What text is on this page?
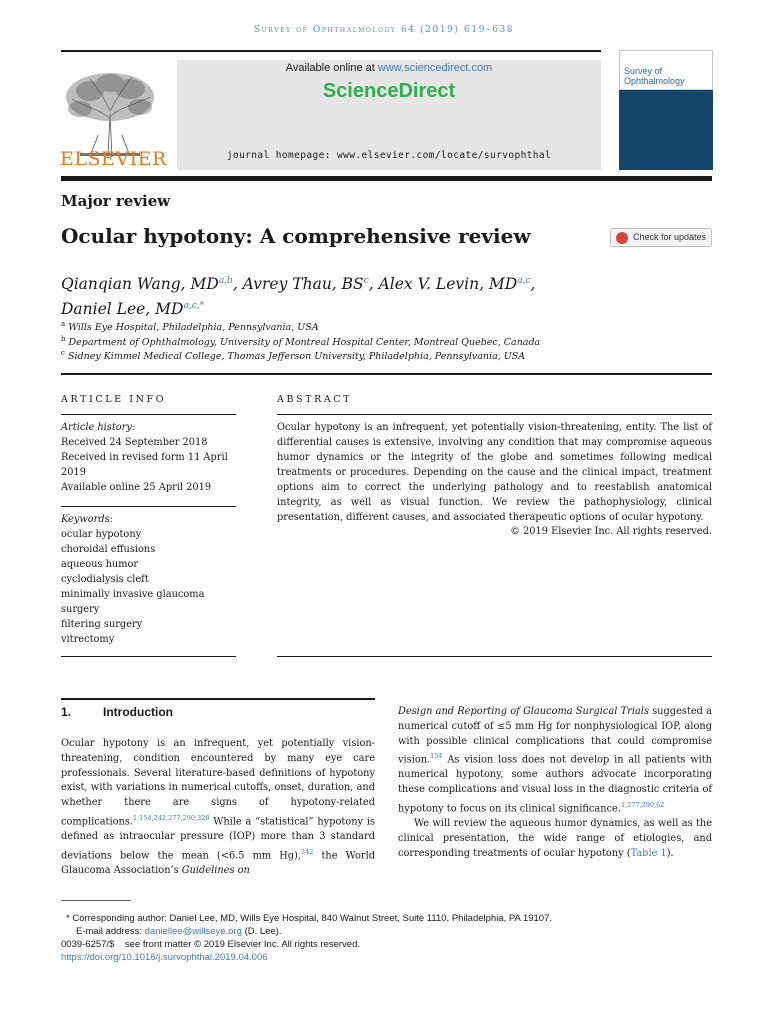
Survey of Ophthalmology 64 (2019) 619–638
ELSEVIER
Available online at www.sciencedirect.com
ScienceDirect
journal homepage: www.elsevier.com/locate/survophthal
Survey of
Ophthalmology
Major review
Ocular hypotony: A comprehensive review	Check for updates
Qianqian Wang, MD$^{a,b}$, Avrey Thau, $BS^c$, Alex V. Levin, MD$^{a,c}$,
Daniel Lee, $MD^{a,c,*}$
$^a$ Wills Eye Hospital, Philadelphia, Pennsylvania, USA
$^b$ Department of Ophthalmology, University of Montreal Hospital Center, Montreal Quebec, Canada
$^c$ Sidney Kimmel Medical College, Thomas Jefferson University, Philadelphia, Pennsylvania, USA
ARTICLE INFO
Article history:
Received 24 September 2018
Received in revised form 11 April
2019
Available online 25 April 2019
Keywords:
ocular hypotony
choroidal effusions
aqueous humor
cyclodialysis cleft
minimally invasive glaucoma
surgery
filtering surgery
vitrectomy
ABSTRACT
Ocular hypotony is an infrequent, yet potentially vision-threatening, entity. The list of differential causes is extensive, involving any condition that may compromise aqueous humor dynamics or the integrity of the globe and sometimes following medical treatments or procedures. Depending on the cause and the clinical impact, treatment options aim to correct the underlying pathology and to reestablish anatomical integrity, as well as visual function. We review the pathophysiology, clinical presentation, different causes, and associated therapeutic options of ocular hypotony.
© 2019 Elsevier Inc. All rights reserved.
1.	Introduction
Ocular hypotony is an infrequent, yet potentially vision-threatening, condition encountered by many eye care professionals. Several literature-based definitions of hypotony exist, with variations in numerical cutoffs, onset, duration, and whether there are signs of hypotony-related complications.$^{1,154,242,277,290,328}$ While a “statistical” hypotony is defined as intraocular pressure (IOP) more than 3 standard deviations below the mean (<6.5 mm Hg),$^{242}$ the World Glaucoma Association’s Guidelines on
Design and Reporting of Glaucoma Surgical Trials suggested a numerical cutoff of ≤5 mm Hg for nonphysiological IOP, along with possible clinical complications that could compromise vision.$^{154}$ As vision loss does not develop in all patients with numerical hypotony, some authors advocate incorporating these complications and visual loss in the diagnostic criteria of hypotony to focus on its clinical significance.$^{1,277,290,62}$
We will review the aqueous humor dynamics, as well as the clinical presentation, the wide range of etiologies, and corresponding treatments of ocular hypotony (Table 1).
* Corresponding author: Daniel Lee, MD, Wills Eye Hospital, 840 Walnut Street, Suite 1110, Philadelphia, PA 19107.
E-mail address: daniellee@willseye.org (D. Lee).
0039-6257/$    see front matter © 2019 Elsevier Inc. All rights reserved.
https://doi.org/10.1016/j.survophthal.2019.04.006
